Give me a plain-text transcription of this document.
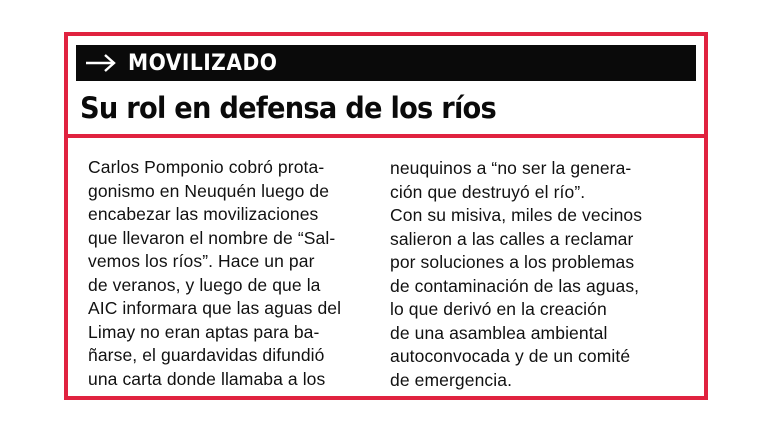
MOVILIZADO
Su rol en defensa de los ríos
Carlos Pomponio cobró prota-
gonismo en Neuquén luego de
encabezar las movilizaciones
que llevaron el nombre de “Sal-
vemos los ríos”. Hace un par
de veranos, y luego de que la
AIC informara que las aguas del
Limay no eran aptas para ba-
ñarse, el guardavidas difundió
una carta donde llamaba a los
neuquinos a “no ser la genera-
ción que destruyó el río”.
Con su misiva, miles de vecinos
salieron a las calles a reclamar
por soluciones a los problemas
de contaminación de las aguas,
lo que derivó en la creación
de una asamblea ambiental
autoconvocada y de un comité
de emergencia.
